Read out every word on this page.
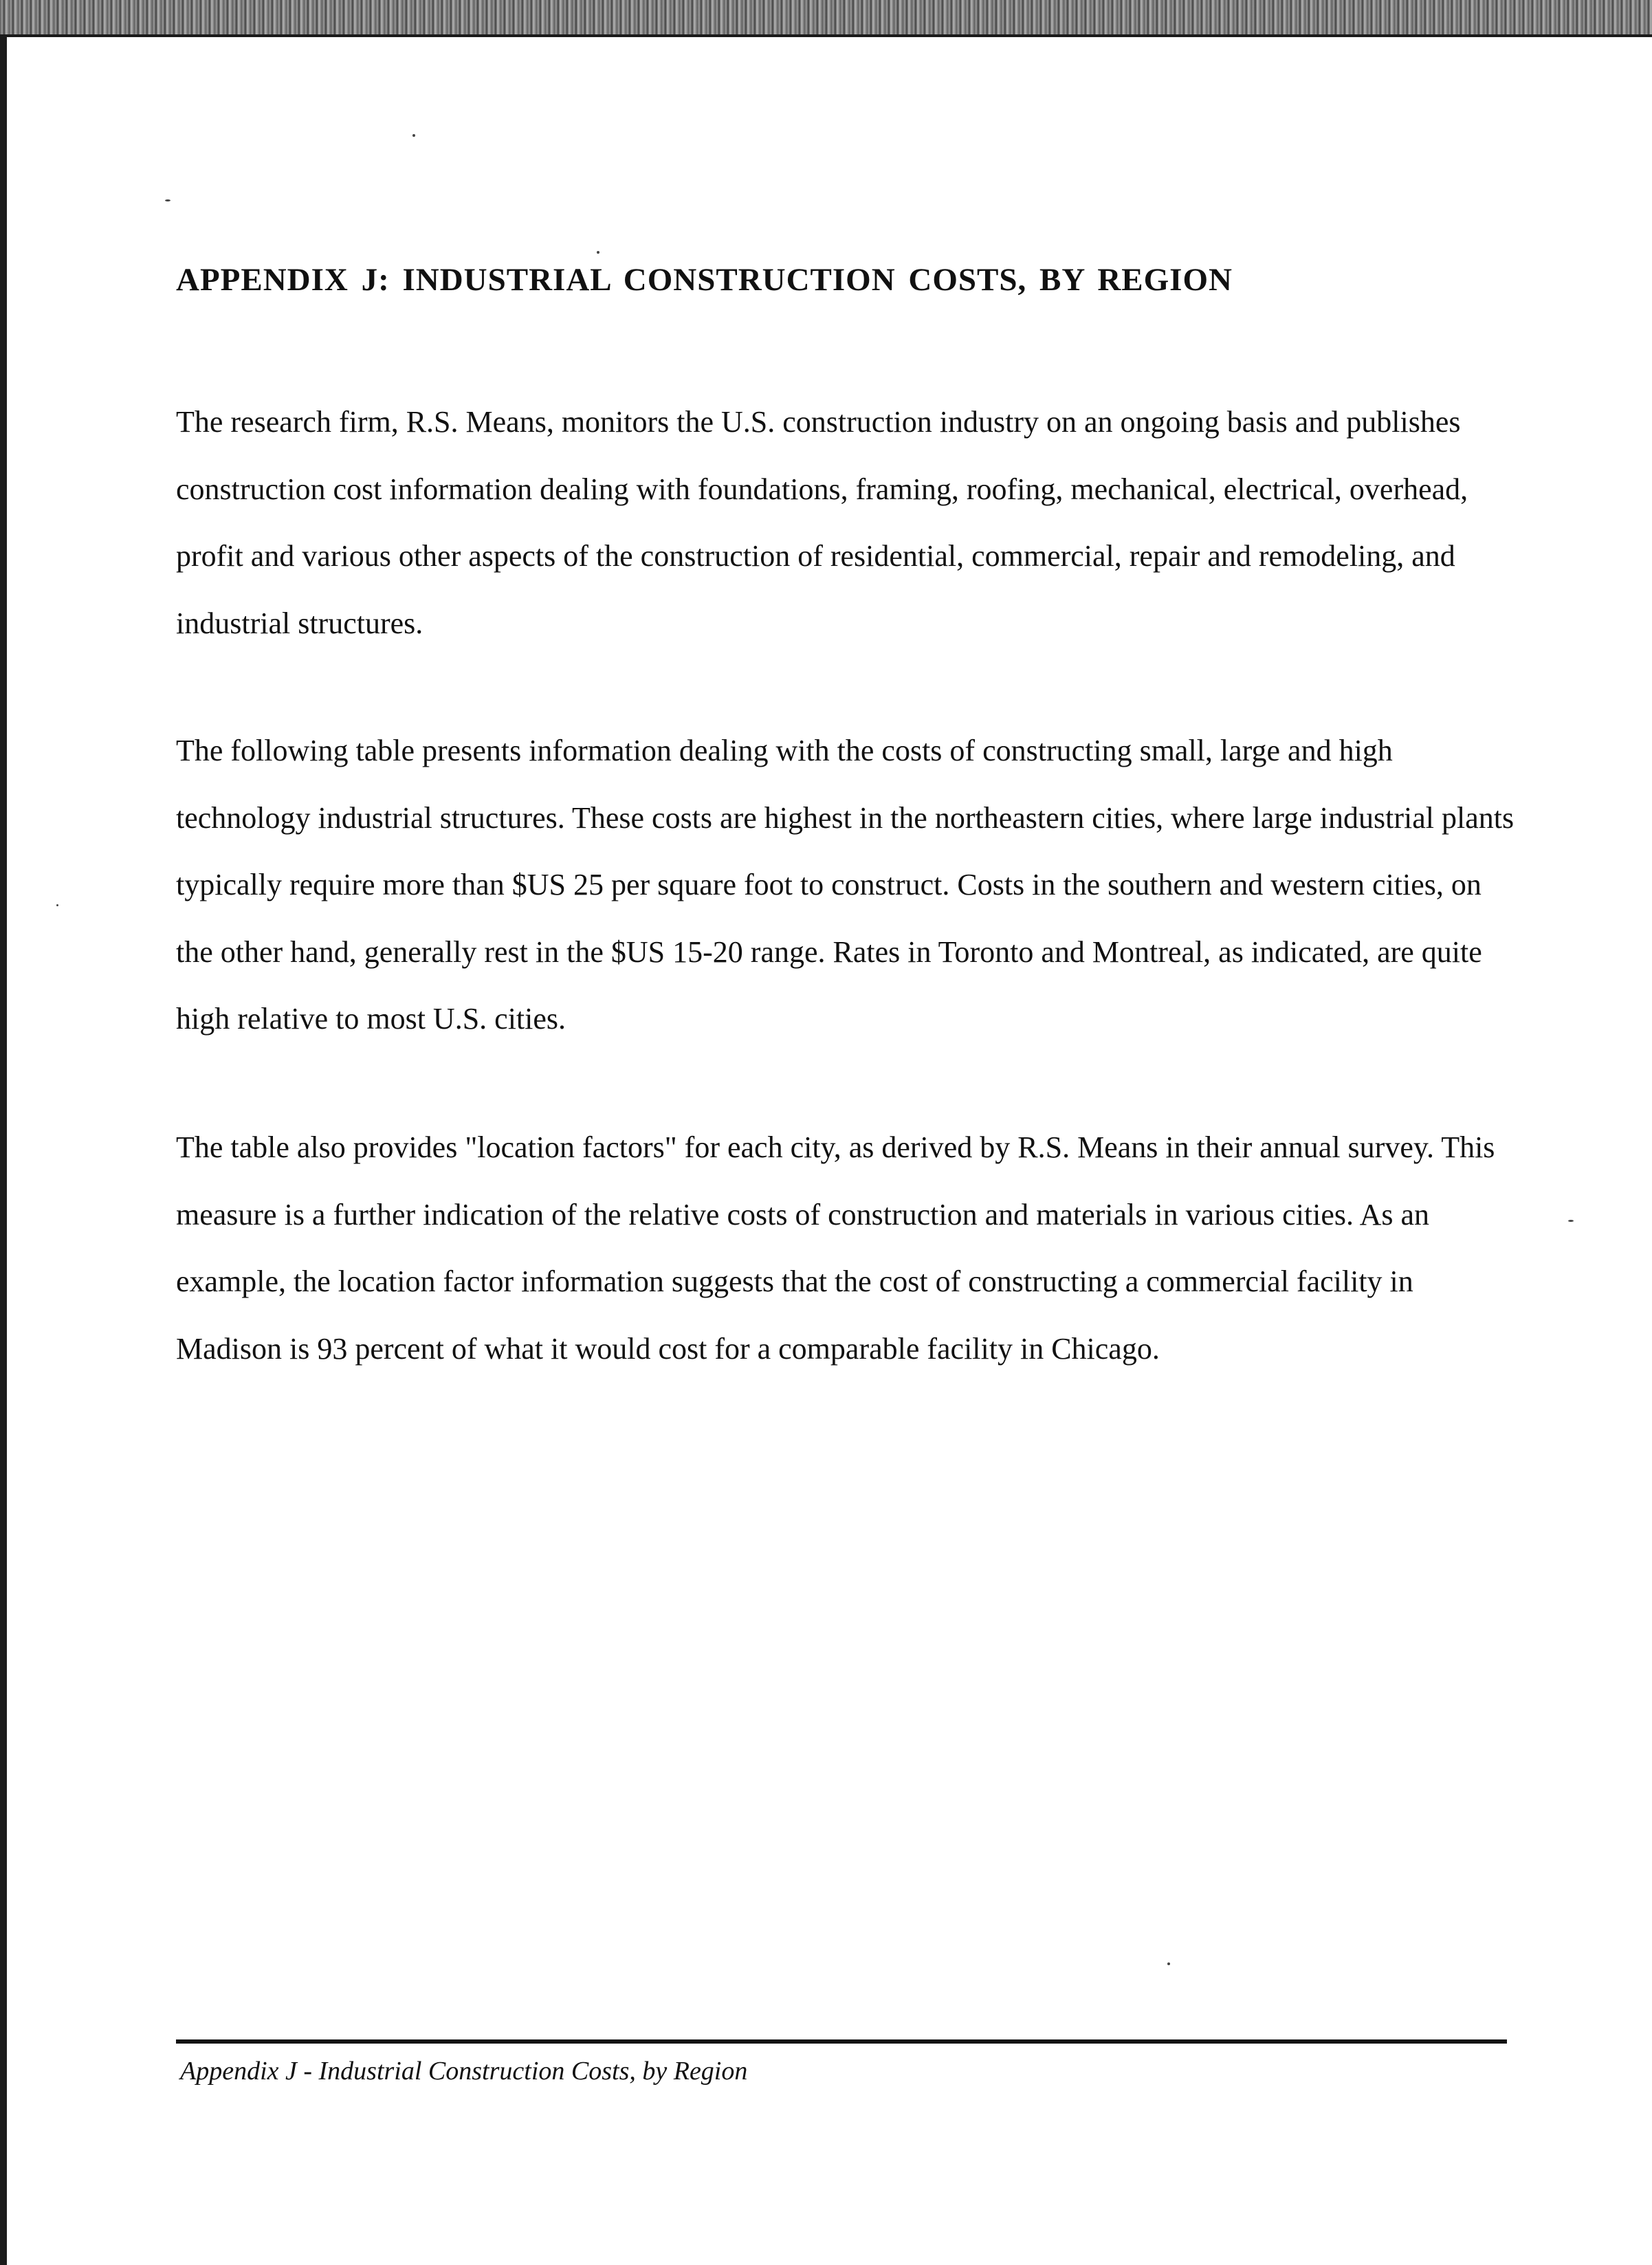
APPENDIX J: INDUSTRIAL CONSTRUCTION COSTS, BY REGION

The research firm, R.S. Means, monitors the U.S. construction industry on an ongoing basis and publishes construction cost information dealing with foundations, framing, roofing, mechanical, electrical, overhead, profit and various other aspects of the construction of residential, commercial, repair and remodeling, and industrial structures.

The following table presents information dealing with the costs of constructing small, large and high technology industrial structures. These costs are highest in the northeastern cities, where large industrial plants typically require more than $US 25 per square foot to construct. Costs in the southern and western cities, on the other hand, generally rest in the $US 15-20 range. Rates in Toronto and Montreal, as indicated, are quite high relative to most U.S. cities.

The table also provides "location factors" for each city, as derived by R.S. Means in their annual survey. This measure is a further indication of the relative costs of construction and materials in various cities. As an example, the location factor information suggests that the cost of constructing a commercial facility in Madison is 93 percent of what it would cost for a comparable facility in Chicago.

Appendix J - Industrial Construction Costs, by Region
